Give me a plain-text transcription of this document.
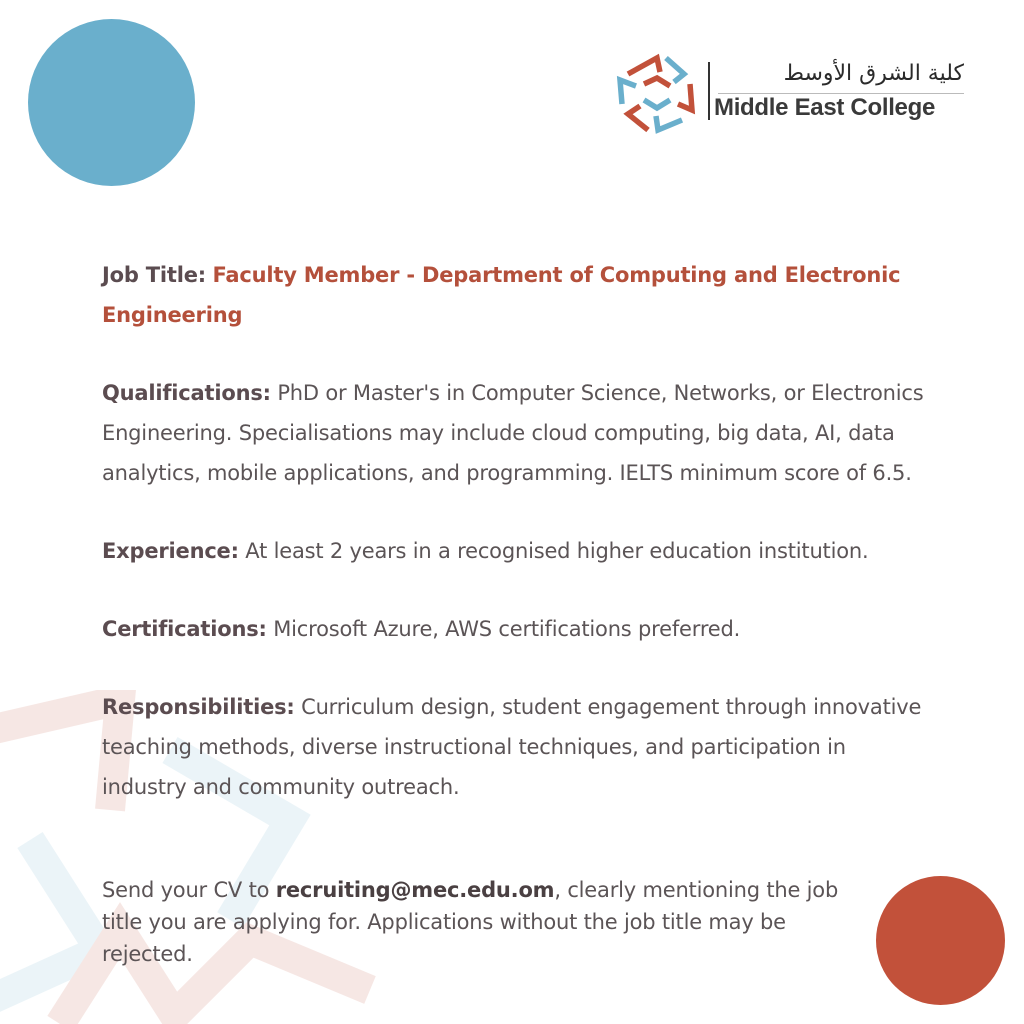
كلية الشرق الأوسط
Middle East College

Job Title: Faculty Member - Department of Computing and Electronic Engineering

Qualifications: PhD or Master's in Computer Science, Networks, or Electronics Engineering. Specialisations may include cloud computing, big data, AI, data analytics, mobile applications, and programming. IELTS minimum score of 6.5.

Experience: At least 2 years in a recognised higher education institution.

Certifications: Microsoft Azure, AWS certifications preferred.

Responsibilities: Curriculum design, student engagement through innovative teaching methods, diverse instructional techniques, and participation in industry and community outreach.

Send your CV to recruiting@mec.edu.om, clearly mentioning the job title you are applying for. Applications without the job title may be rejected.
